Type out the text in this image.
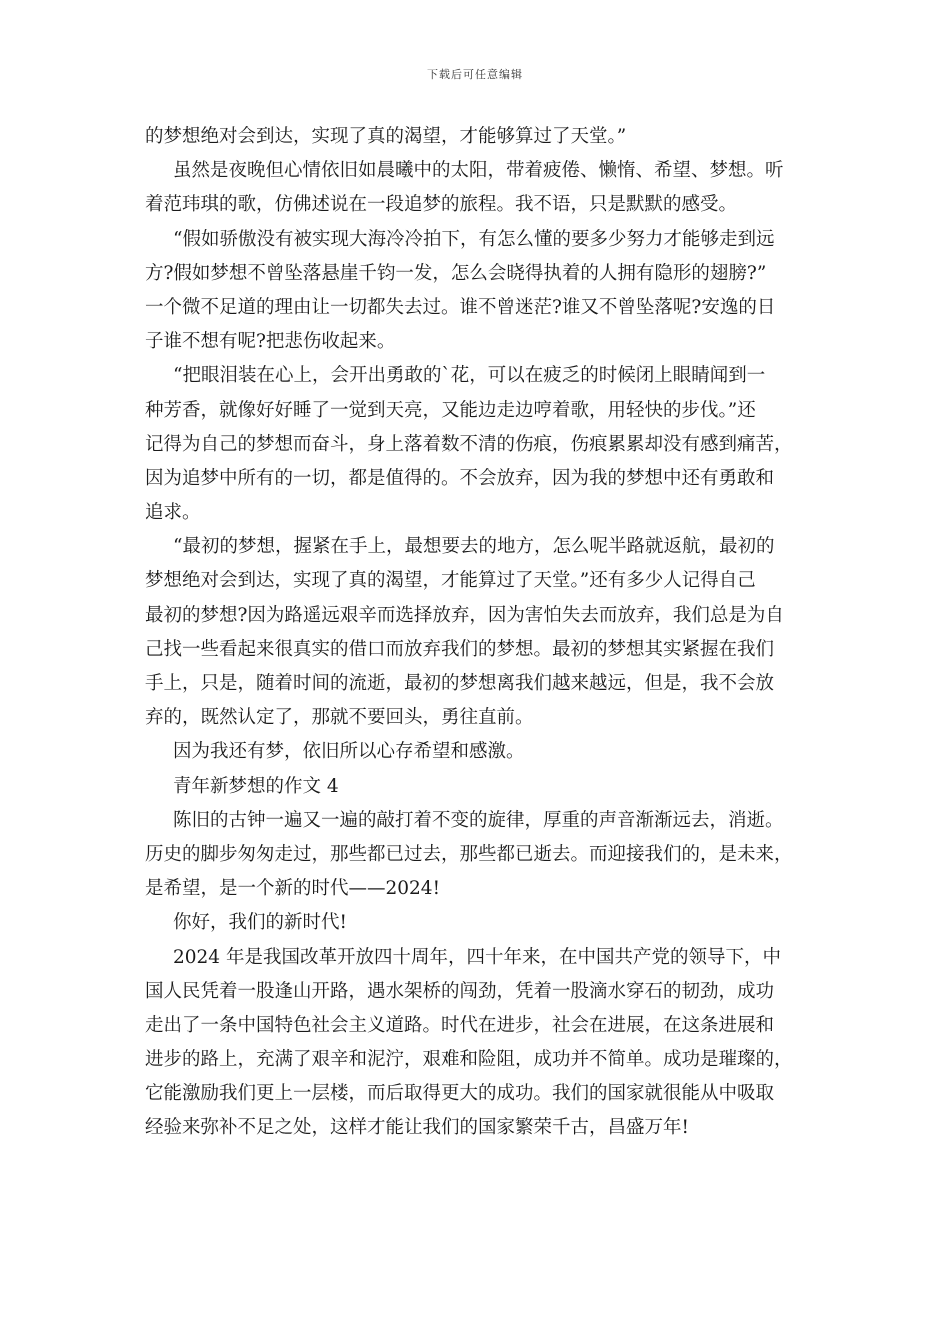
下载后可任意编辑
的梦想绝对会到达，实现了真的渴望，才能够算过了天堂。”
虽然是夜晚但心情依旧如晨曦中的太阳，带着疲倦、懒惰、希望、梦想。听
着范玮琪的歌，仿佛述说在一段追梦的旅程。我不语，只是默默的感受。
“假如骄傲没有被实现大海冷冷拍下，有怎么懂的要多少努力才能够走到远
方?假如梦想不曾坠落悬崖千钧一发，怎么会晓得执着的人拥有隐形的翅膀?”
一个微不足道的理由让一切都失去过。谁不曾迷茫?谁又不曾坠落呢?安逸的日
子谁不想有呢?把悲伤收起来。
“把眼泪装在心上，会开出勇敢的`花，可以在疲乏的时候闭上眼睛闻到一
种芳香，就像好好睡了一觉到天亮，又能边走边哼着歌，用轻快的步伐。”还
记得为自己的梦想而奋斗，身上落着数不清的伤痕，伤痕累累却没有感到痛苦，
因为追梦中所有的一切，都是值得的。不会放弃，因为我的梦想中还有勇敢和
追求。
“最初的梦想，握紧在手上，最想要去的地方，怎么呢半路就返航，最初的
梦想绝对会到达，实现了真的渴望，才能算过了天堂。”还有多少人记得自己
最初的梦想?因为路遥远艰辛而选择放弃，因为害怕失去而放弃，我们总是为自
己找一些看起来很真实的借口而放弃我们的梦想。最初的梦想其实紧握在我们
手上，只是，随着时间的流逝，最初的梦想离我们越来越远，但是，我不会放
弃的，既然认定了，那就不要回头，勇往直前。
因为我还有梦，依旧所以心存希望和感激。
青年新梦想的作文 4
陈旧的古钟一遍又一遍的敲打着不变的旋律，厚重的声音渐渐远去，消逝。
历史的脚步匆匆走过，那些都已过去，那些都已逝去。而迎接我们的，是未来，
是希望，是一个新的时代——2024!
你好，我们的新时代!
2024 年是我国改革开放四十周年，四十年来，在中国共产党的领导下，中
国人民凭着一股逢山开路，遇水架桥的闯劲，凭着一股滴水穿石的韧劲，成功
走出了一条中国特色社会主义道路。时代在进步，社会在进展，在这条进展和
进步的路上，充满了艰辛和泥泞，艰难和险阻，成功并不简单。成功是璀璨的，
它能激励我们更上一层楼，而后取得更大的成功。我们的国家就很能从中吸取
经验来弥补不足之处，这样才能让我们的国家繁荣千古，昌盛万年!
